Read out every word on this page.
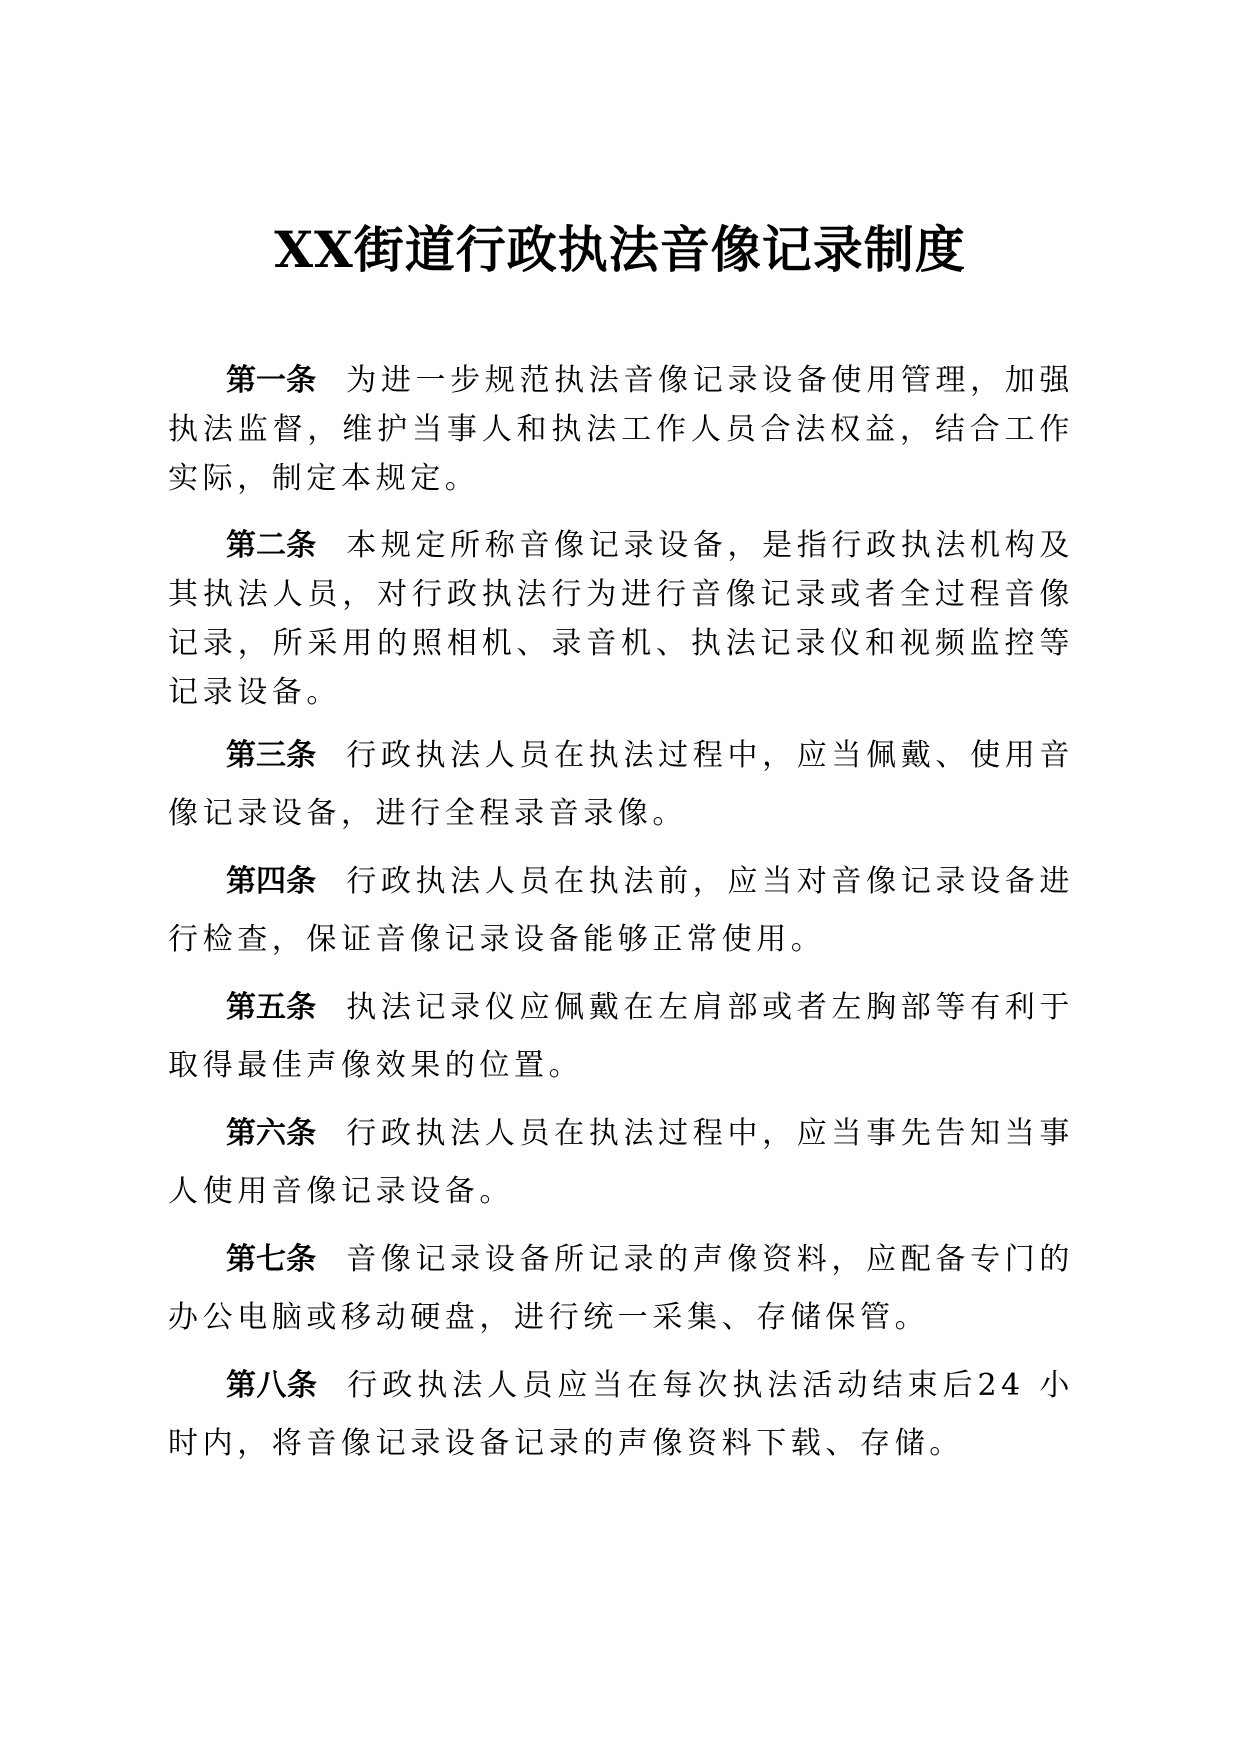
XX街道行政执法音像记录制度

第一条 为进一步规范执法音像记录设备使用管理，加强执法监督，维护当事人和执法工作人员合法权益，结合工作实际，制定本规定。

第二条 本规定所称音像记录设备，是指行政执法机构及其执法人员，对行政执法行为进行音像记录或者全过程音像记录，所采用的照相机、录音机、执法记录仪和视频监控等记录设备。

第三条 行政执法人员在执法过程中，应当佩戴、使用音像记录设备，进行全程录音录像。

第四条 行政执法人员在执法前，应当对音像记录设备进行检查，保证音像记录设备能够正常使用。

第五条 执法记录仪应佩戴在左肩部或者左胸部等有利于取得最佳声像效果的位置。

第六条 行政执法人员在执法过程中，应当事先告知当事人使用音像记录设备。

第七条 音像记录设备所记录的声像资料，应配备专门的办公电脑或移动硬盘，进行统一采集、存储保管。

第八条 行政执法人员应当在每次执法活动结束后24 小时内，将音像记录设备记录的声像资料下载、存储。
